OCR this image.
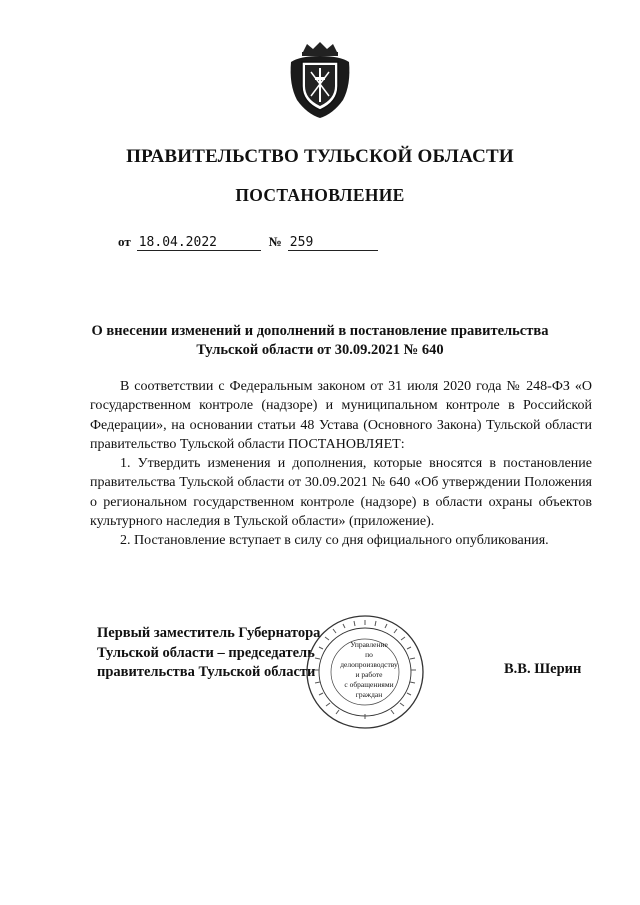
ПРАВИТЕЛЬСТВО ТУЛЬСКОЙ ОБЛАСТИ
ПОСТАНОВЛЕНИЕ
от 18.04.2022	№ 259
О внесении изменений и дополнений в постановление правительства
Тульской области от 30.09.2021 № 640

В соответствии с Федеральным законом от 31 июля 2020 года № 248-ФЗ «О государственном контроле (надзоре) и муниципальном контроле в Российской Федерации», на основании статьи 48 Устава (Основного Закона) Тульской области правительство Тульской области ПОСТАНОВЛЯЕТ:

1. Утвердить изменения и дополнения, которые вносятся в постановление правительства Тульской области от 30.09.2021 № 640 «Об утверждении Положения о региональном государственном контроле (надзоре) в области охраны объектов культурного наследия в Тульской области» (приложение).

2. Постановление вступает в силу со дня официального опубликования.

Первый заместитель Губернатора
Тульской области – председатель
правительства Тульской области	В.В. Шерин
Управление
по делопроизводству
и работе
с обращениями
граждан
